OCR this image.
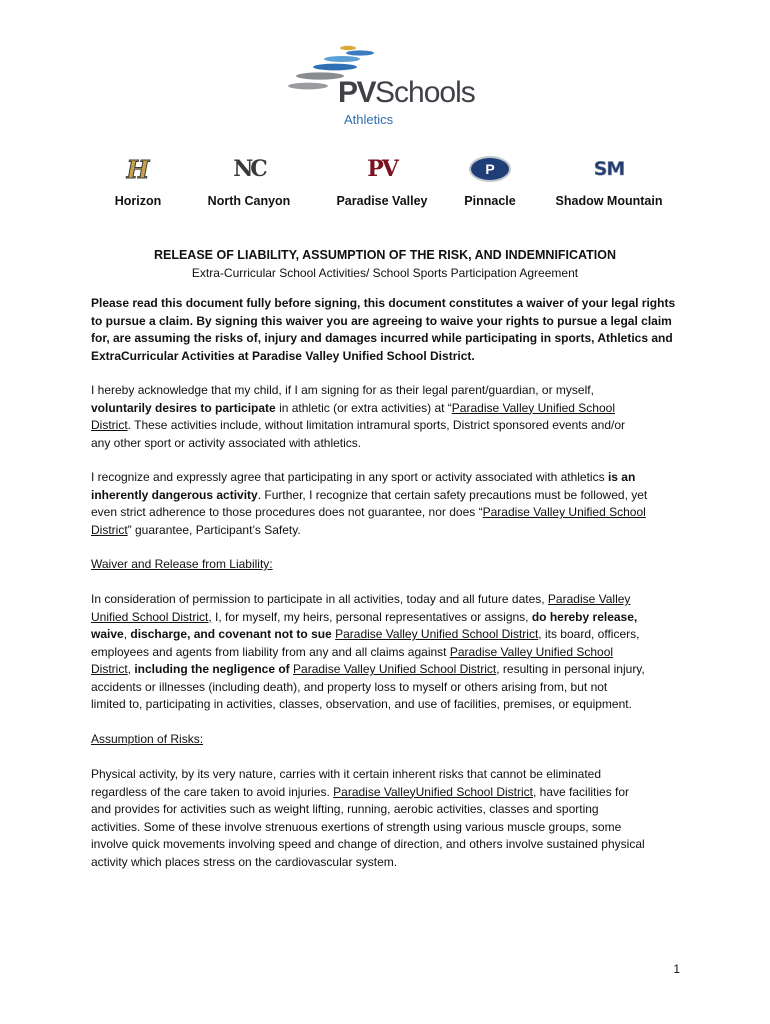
PVSchools
Athletics
H
Horizon
NC
North Canyon
PV
Paradise Valley
P
Pinnacle
SM
Shadow Mountain
RELEASE OF LIABILITY, ASSUMPTION OF THE RISK, AND INDEMNIFICATION
Extra-Curricular School Activities/ School Sports Participation Agreement
Please read this document fully before signing, this document constitutes a waiver of your legal rights
to pursue a claim. By signing this waiver you are agreeing to waive your rights to pursue a legal claim
for, are assuming the risks of, injury and damages incurred while participating in sports, Athletics and
ExtraCurricular Activities at Paradise Valley Unified School District.
I hereby acknowledge that my child, if I am signing for as their legal parent/guardian, or myself,
voluntarily desires to participate in athletic (or extra activities) at “Paradise Valley Unified School
District. These activities include, without limitation intramural sports, District sponsored events and/or
any other sport or activity associated with athletics.
I recognize and expressly agree that participating in any sport or activity associated with athletics is an
inherently dangerous activity. Further, I recognize that certain safety precautions must be followed, yet
even strict adherence to those procedures does not guarantee, nor does “Paradise Valley Unified School
District” guarantee, Participant’s Safety.
Waiver and Release from Liability:
In consideration of permission to participate in all activities, today and all future dates, Paradise Valley
Unified School District, I, for myself, my heirs, personal representatives or assigns, do hereby release,
waive, discharge, and covenant not to sue Paradise Valley Unified School District, its board, officers,
employees and agents from liability from any and all claims against Paradise Valley Unified School
District, including the negligence of Paradise Valley Unified School District, resulting in personal injury,
accidents or illnesses (including death), and property loss to myself or others arising from, but not
limited to, participating in activities, classes, observation, and use of facilities, premises, or equipment.
Assumption of Risks:
Physical activity, by its very nature, carries with it certain inherent risks that cannot be eliminated
regardless of the care taken to avoid injuries. Paradise ValleyUnified School District, have facilities for
and provides for activities such as weight lifting, running, aerobic activities, classes and sporting
activities. Some of these involve strenuous exertions of strength using various muscle groups, some
involve quick movements involving speed and change of direction, and others involve sustained physical
activity which places stress on the cardiovascular system.
1
